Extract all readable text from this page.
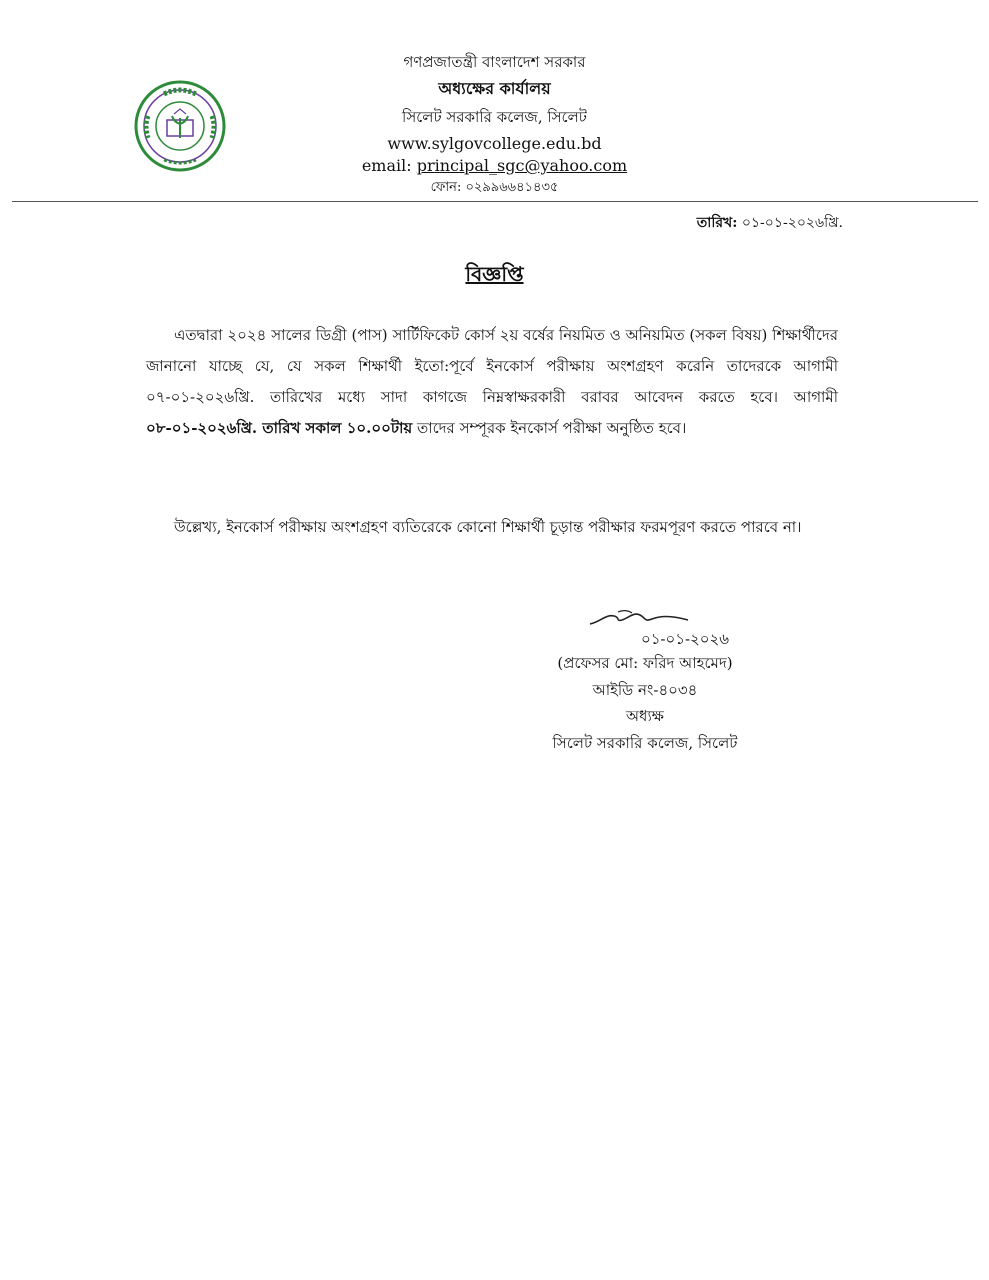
গণপ্রজাতন্ত্রী বাংলাদেশ সরকার
অধ্যক্ষের কার্যালয়
সিলেট সরকারি কলেজ, সিলেট
www.sylgovcollege.edu.bd
email: principal_sgc@yahoo.com
ফোন: ০২৯৯৬৬৪১৪৩৫
তারিখ: ০১-০১-২০২৬খ্রি.
বিজ্ঞপ্তি
এতদ্বারা ২০২৪ সালের ডিগ্রী (পাস) সার্টিফিকেট কোর্স ২য় বর্ষের নিয়মিত ও অনিয়মিত (সকল বিষয়) শিক্ষার্থীদের জানানো যাচ্ছে যে, যে সকল শিক্ষার্থী ইতো:পূর্বে ইনকোর্স পরীক্ষায় অংশগ্রহণ করেনি তাদেরকে আগামী ০৭-০১-২০২৬খ্রি. তারিখের মধ্যে সাদা কাগজে নিম্নস্বাক্ষরকারী বরাবর আবেদন করতে হবে। আগামী ০৮-০১-২০২৬খ্রি. তারিখ সকাল ১০.০০টায় তাদের সম্পূরক ইনকোর্স পরীক্ষা অনুষ্ঠিত হবে।
উল্লেখ্য, ইনকোর্স পরীক্ষায় অংশগ্রহণ ব্যতিরেকে কোনো শিক্ষার্থী চূড়ান্ত পরীক্ষার ফরমপূরণ করতে পারবে না।
০১-০১-২০২৬
(প্রফেসর মো: ফরিদ আহমেদ)
আইডি নং-৪০৩৪
অধ্যক্ষ
সিলেট সরকারি কলেজ, সিলেট
